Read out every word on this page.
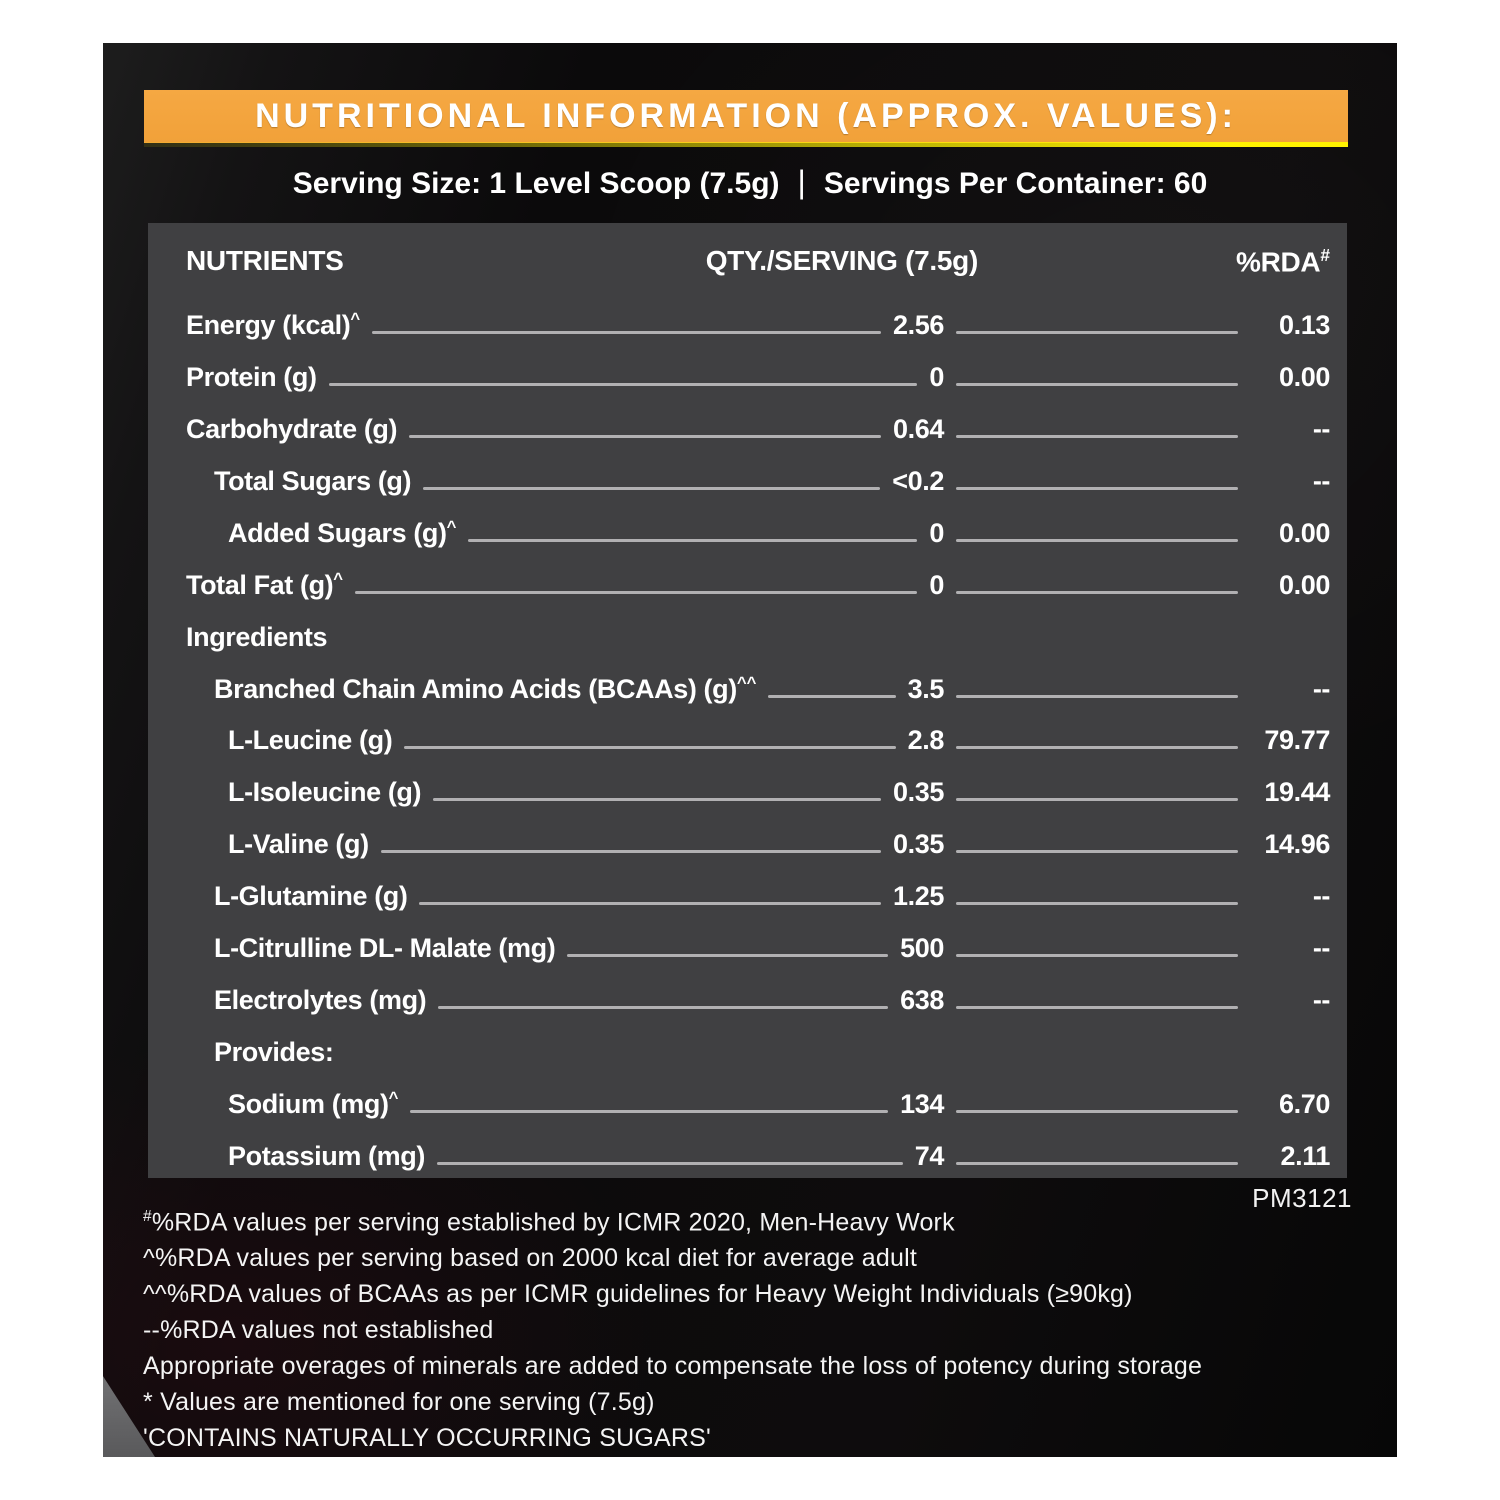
NUTRITIONAL INFORMATION (APPROX. VALUES):
Serving Size: 1 Level Scoop (7.5g) | Servings Per Container: 60
NUTRIENTS	QTY./SERVING (7.5g)	%RDA#
Energy (kcal)^	2.56	0.13
Protein (g)	0	0.00
Carbohydrate (g)	0.64	--
Total Sugars (g)	<0.2	--
Added Sugars (g)^	0	0.00
Total Fat (g)^	0	0.00
Ingredients
Branched Chain Amino Acids (BCAAs) (g)^^	3.5	--
L-Leucine (g)	2.8	79.77
L-Isoleucine (g)	0.35	19.44
L-Valine (g)	0.35	14.96
L-Glutamine (g)	1.25	--
L-Citrulline DL- Malate (mg)	500	--
Electrolytes (mg)	638	--
Provides:
Sodium (mg)^	134	6.70
Potassium (mg)	74	2.11
PM3121
#%RDA values per serving established by ICMR 2020, Men-Heavy Work
^%RDA values per serving based on 2000 kcal diet for average adult
^^%RDA values of BCAAs as per ICMR guidelines for Heavy Weight Individuals (≥90kg)
--%RDA values not established
Appropriate overages of minerals are added to compensate the loss of potency during storage
* Values are mentioned for one serving (7.5g)
'CONTAINS NATURALLY OCCURRING SUGARS'
